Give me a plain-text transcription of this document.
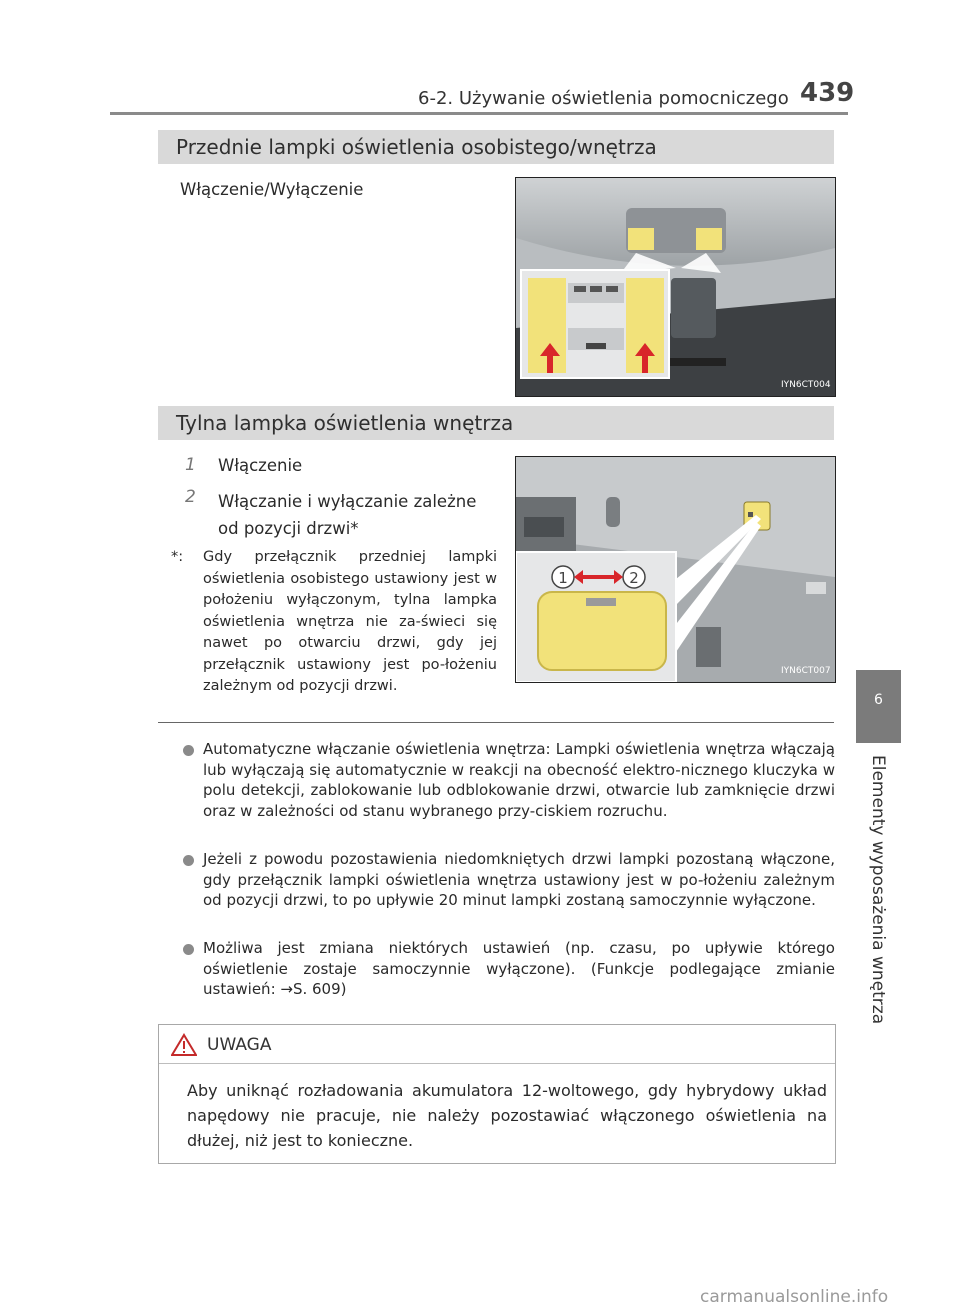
6-2. Używanie oświetlenia pomocniczego 439
6
Elementy wyposażenia wnętrza
Przednie lampki oświetlenia osobistego/wnętrza
Włączenie/Wyłączenie
IYN6CT004
Tylna lampka oświetlenia wnętrza
1	Włączenie
2	Włączanie i wyłączanie zależne od pozycji drzwi*
*:	Gdy przełącznik przedniej lampki oświetlenia osobistego ustawiony jest w położeniu wyłączonym, tylna lampka oświetlenia wnętrza nie za-świeci się nawet po otwarciu drzwi, gdy jej przełącznik ustawiony jest po-łożeniu zależnym od pozycji drzwi.
1	2
IYN6CT007
Automatyczne włączanie oświetlenia wnętrza: Lampki oświetlenia wnętrza włączają lub wyłączają się automatycznie w reakcji na obecność elektro-nicznego kluczyka w polu detekcji, zablokowanie lub odblokowanie drzwi, otwarcie lub zamknięcie drzwi oraz w zależności od stanu wybranego przy-ciskiem rozruchu.
Jeżeli z powodu pozostawienia niedomkniętych drzwi lampki pozostaną włączone, gdy przełącznik lampki oświetlenia wnętrza ustawiony jest w po-łożeniu zależnym od pozycji drzwi, to po upływie 20 minut lampki zostaną samoczynnie wyłączone.
Możliwa jest zmiana niektórych ustawień (np. czasu, po upływie którego oświetlenie zostaje samoczynnie wyłączone). (Funkcje podlegające zmianie ustawień: →S. 609)
UWAGA
Aby uniknąć rozładowania akumulatora 12-woltowego, gdy hybrydowy układ napędowy nie pracuje, nie należy pozostawiać włączonego oświetlenia na dłużej, niż jest to konieczne.
carmanualsonline.info
